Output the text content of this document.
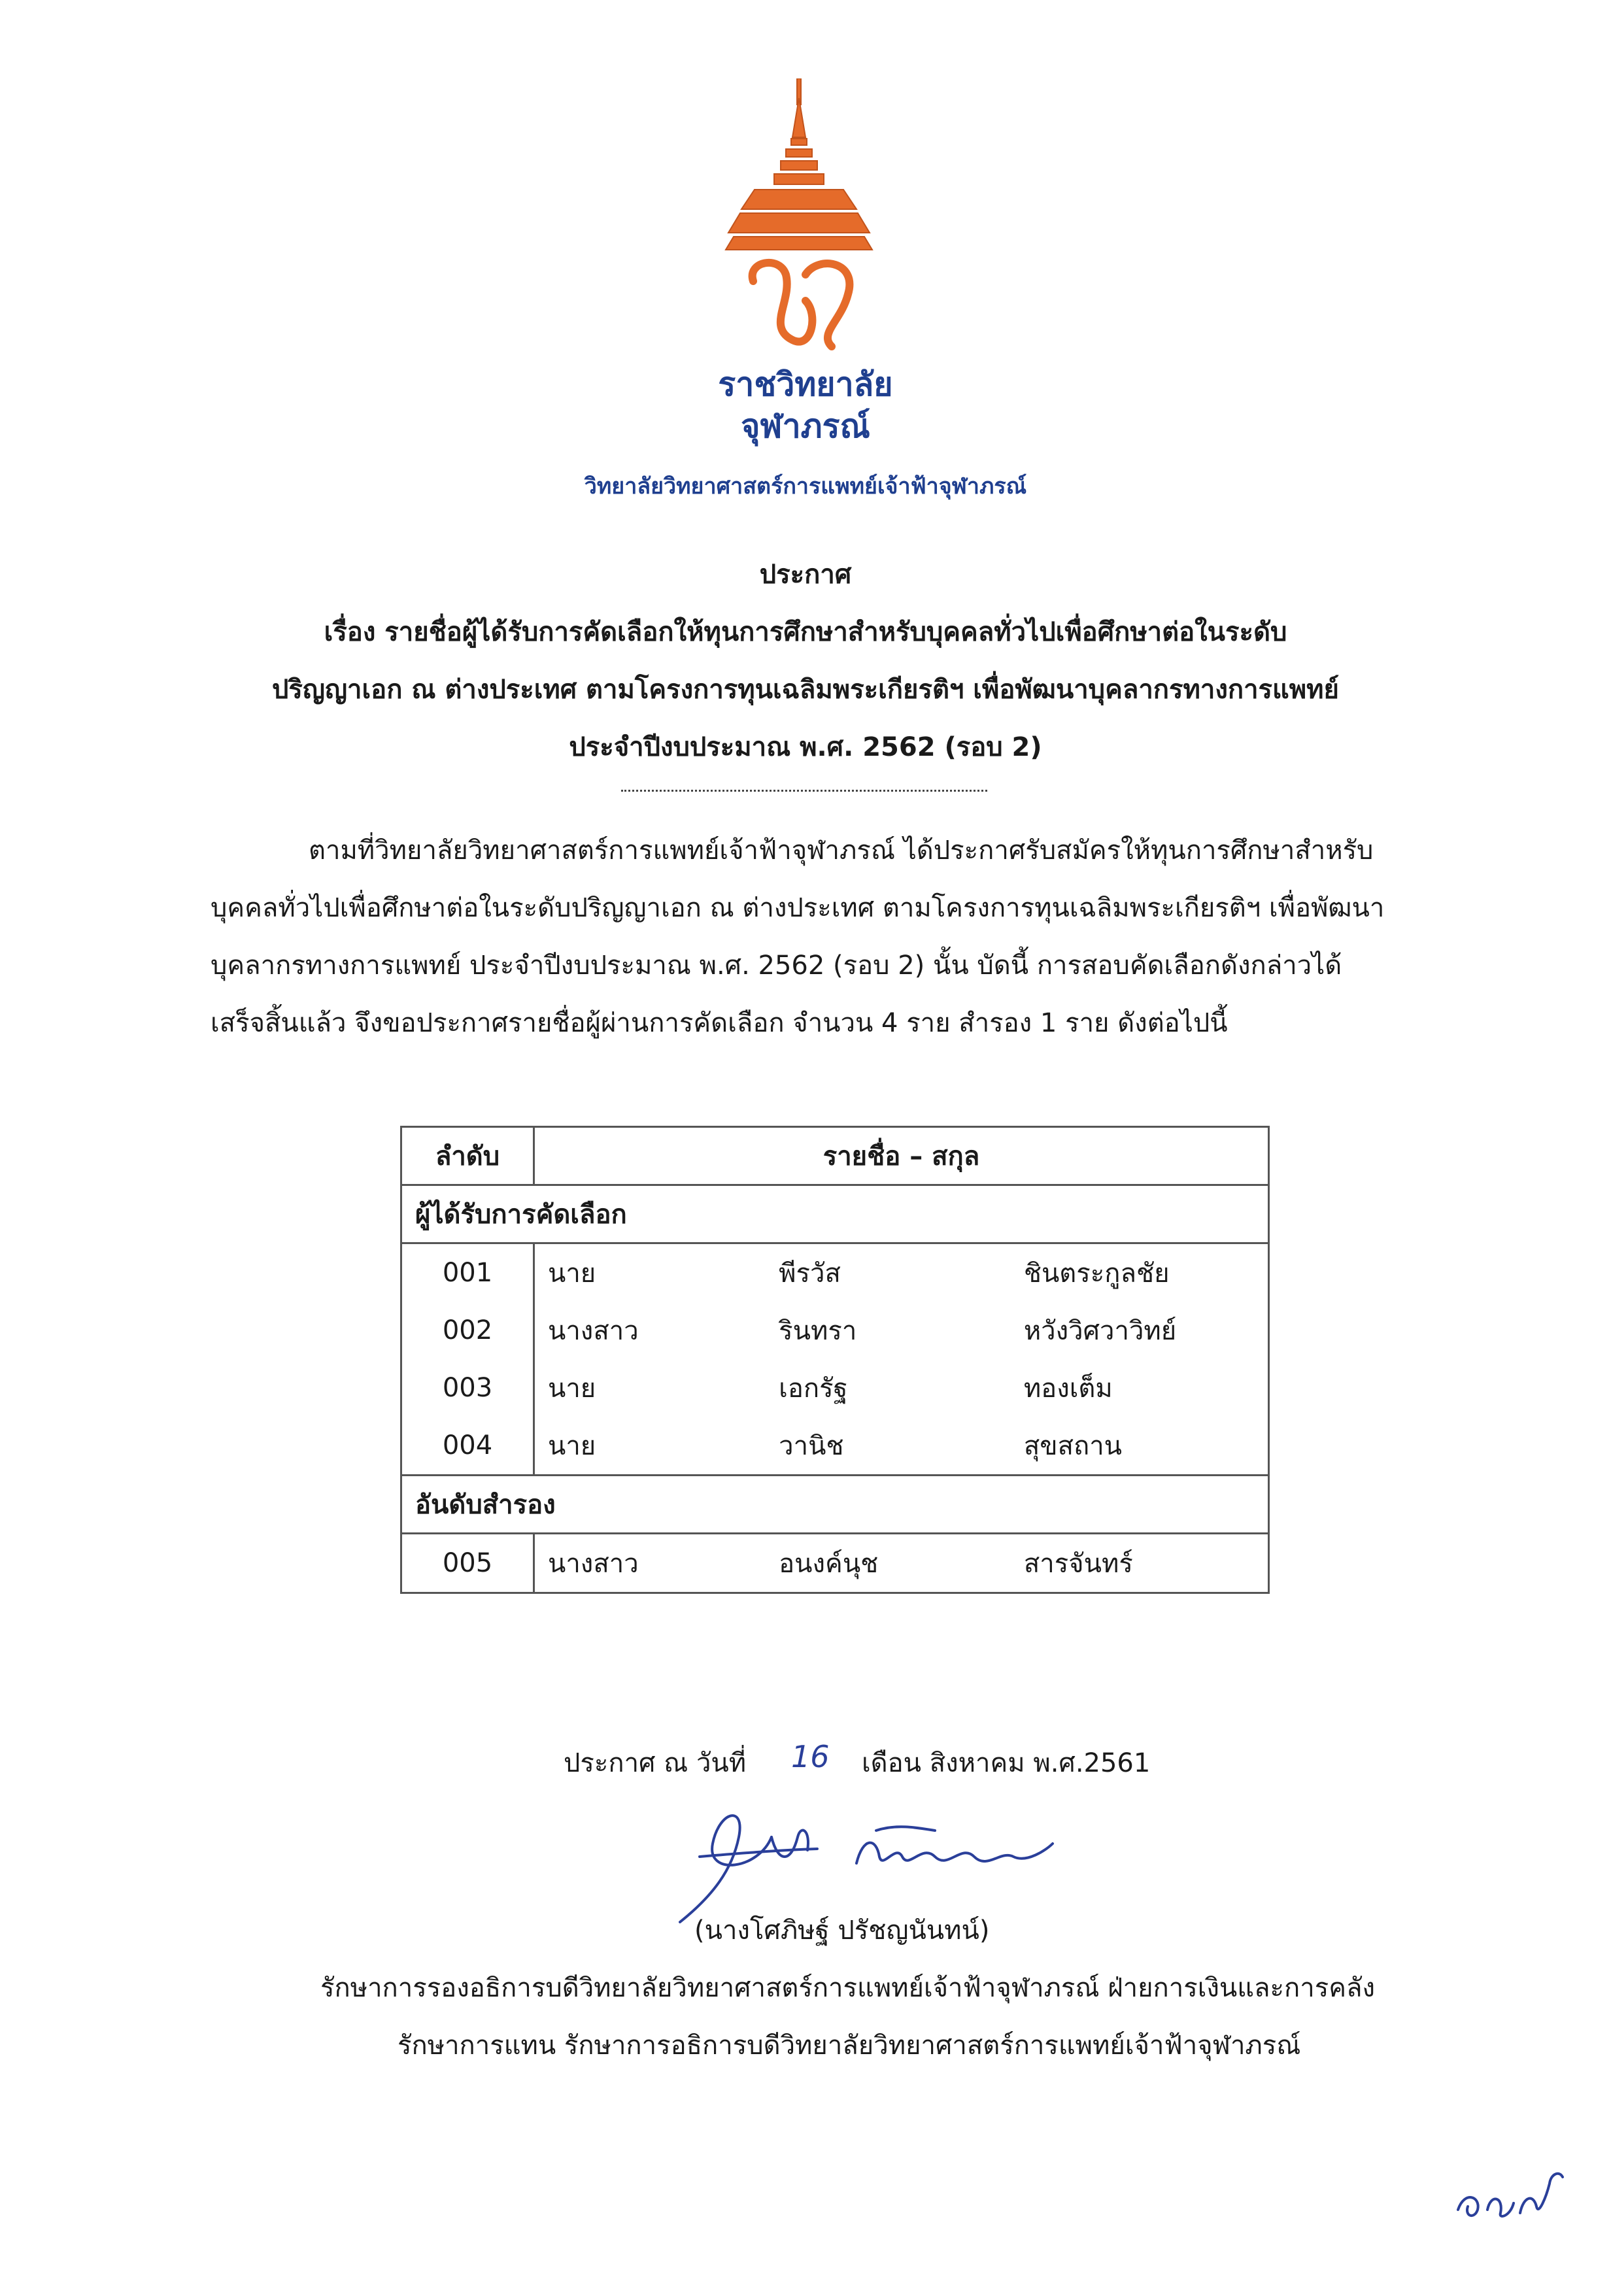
ราชวิทยาลัย
จุฬาภรณ์
วิทยาลัยวิทยาศาสตร์การแพทย์เจ้าฟ้าจุฬาภรณ์
ประกาศ
เรื่อง รายชื่อผู้ได้รับการคัดเลือกให้ทุนการศึกษาสำหรับบุคคลทั่วไปเพื่อศึกษาต่อในระดับ
ปริญญาเอก ณ ต่างประเทศ ตามโครงการทุนเฉลิมพระเกียรติฯ เพื่อพัฒนาบุคลากรทางการแพทย์
ประจำปีงบประมาณ พ.ศ. 2562 (รอบ 2)
ตามที่วิทยาลัยวิทยาศาสตร์การแพทย์เจ้าฟ้าจุฬาภรณ์ ได้ประกาศรับสมัครให้ทุนการศึกษาสำหรับ
บุคคลทั่วไปเพื่อศึกษาต่อในระดับปริญญาเอก ณ ต่างประเทศ ตามโครงการทุนเฉลิมพระเกียรติฯ เพื่อพัฒนา
บุคลากรทางการแพทย์ ประจำปีงบประมาณ พ.ศ. 2562 (รอบ 2) นั้น บัดนี้ การสอบคัดเลือกดังกล่าวได้
เสร็จสิ้นแล้ว จึงขอประกาศรายชื่อผู้ผ่านการคัดเลือก จำนวน 4 ราย สำรอง 1 ราย ดังต่อไปนี้
ลำดับ	รายชื่อ – สกุล		
ผู้ได้รับการคัดเลือก			
001	นาย	พีรวัส	ชินตระกูลชัย
002	นางสาว	รินทรา	หวังวิศวาวิทย์
003	นาย	เอกรัฐ	ทองเต็ม
004	นาย	วานิช	สุขสถาน
อันดับสำรอง			
005	นางสาว	อนงค์นุช	สารจันทร์
ประกาศ ณ วันที่ 16 เดือน สิงหาคม พ.ศ.2561
(นางโศภิษฐ์ ปรัชญนันทน์)
รักษาการรองอธิการบดีวิทยาลัยวิทยาศาสตร์การแพทย์เจ้าฟ้าจุฬาภรณ์ ฝ่ายการเงินและการคลัง
รักษาการแทน รักษาการอธิการบดีวิทยาลัยวิทยาศาสตร์การแพทย์เจ้าฟ้าจุฬาภรณ์
